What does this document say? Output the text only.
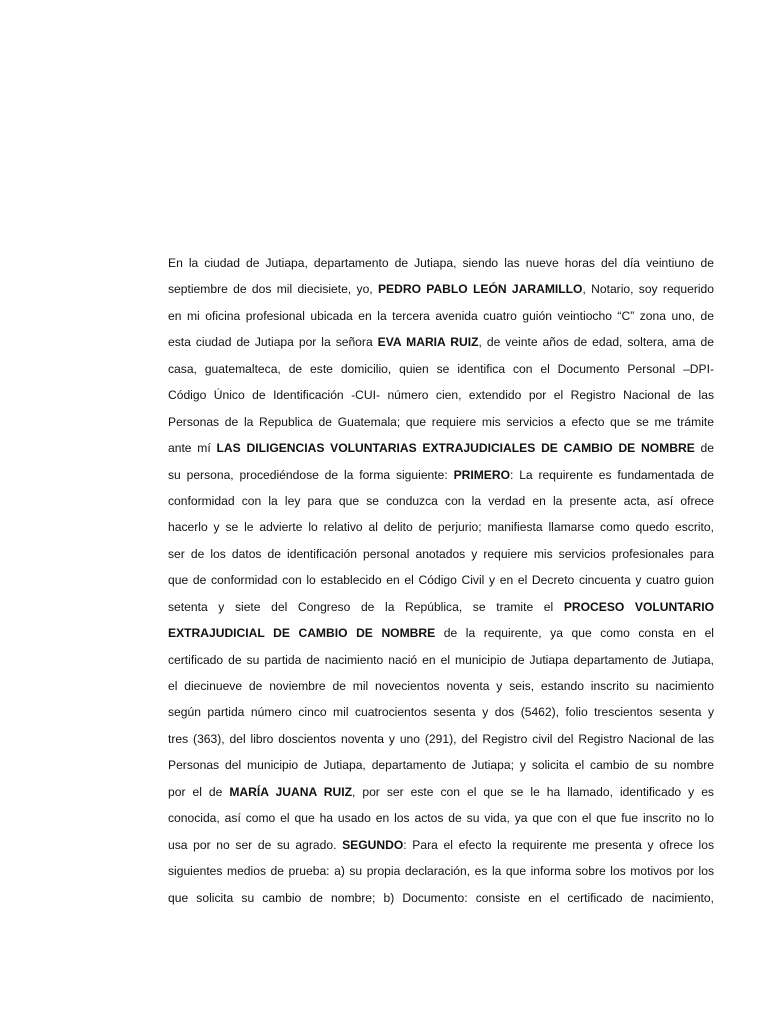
En la ciudad de Jutiapa, departamento de Jutiapa, siendo las nueve horas del día veintiuno de
septiembre de dos mil diecisiete, yo, PEDRO PABLO LEÓN JARAMILLO, Notario, soy requerido
en mi oficina profesional ubicada en la tercera avenida cuatro guión veintiocho “C” zona uno, de
esta ciudad de Jutiapa por la señora EVA MARIA RUIZ, de veinte años de edad, soltera, ama de
casa, guatemalteca, de este domicilio, quien se identifica con el Documento Personal –DPI-
Código Único de Identificación -CUI- número cien, extendido por el Registro Nacional de las
Personas de la Republica de Guatemala; que requiere mis servicios a efecto que se me trámite
ante mí LAS DILIGENCIAS VOLUNTARIAS EXTRAJUDICIALES DE CAMBIO DE NOMBRE de
su persona, procediéndose de la forma siguiente: PRIMERO: La requirente es fundamentada de
conformidad con la ley para que se conduzca con la verdad en la presente acta, así ofrece
hacerlo y se le advierte lo relativo al delito de perjurio; manifiesta llamarse como quedo escrito,
ser de los datos de identificación personal anotados y requiere mis servicios profesionales para
que de conformidad con lo establecido en el Código Civil y en el Decreto cincuenta y cuatro guion
setenta y siete del Congreso de la República, se tramite el PROCESO VOLUNTARIO
EXTRAJUDICIAL DE CAMBIO DE NOMBRE de la requirente, ya que como consta en el
certificado de su partida de nacimiento nació en el municipio de Jutiapa departamento de Jutiapa,
el diecinueve de noviembre de mil novecientos noventa y seis, estando inscrito su nacimiento
según partida número cinco mil cuatrocientos sesenta y dos (5462), folio trescientos sesenta y
tres (363), del libro doscientos noventa y uno (291), del Registro civil del Registro Nacional de las
Personas del municipio de Jutiapa, departamento de Jutiapa; y solicita el cambio de su nombre
por el de MARÍA JUANA RUIZ, por ser este con el que se le ha llamado, identificado y es
conocida, así como el que ha usado en los actos de su vida, ya que con el que fue inscrito no lo
usa por no ser de su agrado. SEGUNDO: Para el efecto la requirente me presenta y ofrece los
siguientes medios de prueba: a) su propia declaración, es la que informa sobre los motivos por los
que solicita su cambio de nombre; b) Documento: consiste en el certificado de nacimiento,
